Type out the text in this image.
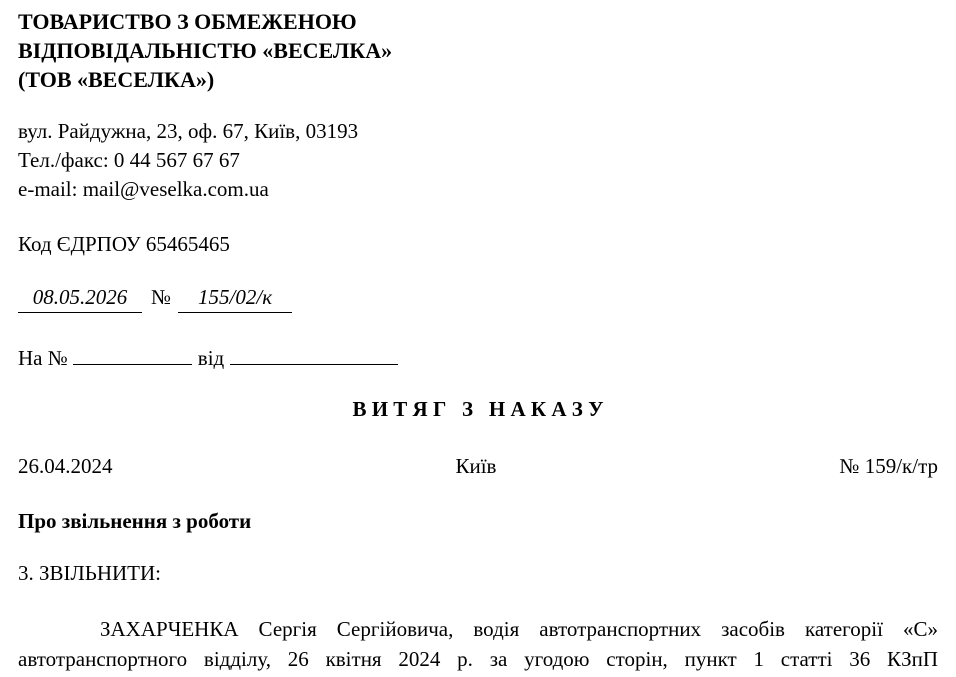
ТОВАРИСТВО З ОБМЕЖЕНОЮ
ВІДПОВІДАЛЬНІСТЮ «ВЕСЕЛКА»
(ТОВ «ВЕСЕЛКА»)
вул. Райдужна, 23, оф. 67, Київ, 03193
Тел./факс: 0 44 567 67 67
e-mail: mail@veselka.com.ua
Код ЄДРПОУ 65465465
08.05.2026 № 155/02/к
На №	від
В И Т Я Г   З   Н А К А З У
26.04.2024	Київ	№ 159/к/тр
Про звільнення з роботи
3. ЗВІЛЬНИТИ:
ЗАХАРЧЕНКА Сергія Сергійовича, водія автотранспортних засобів категорії «С» автотранспортного відділу, 26 квітня 2024 р. за угодою сторін, пункт 1 статті 36 КЗпП
